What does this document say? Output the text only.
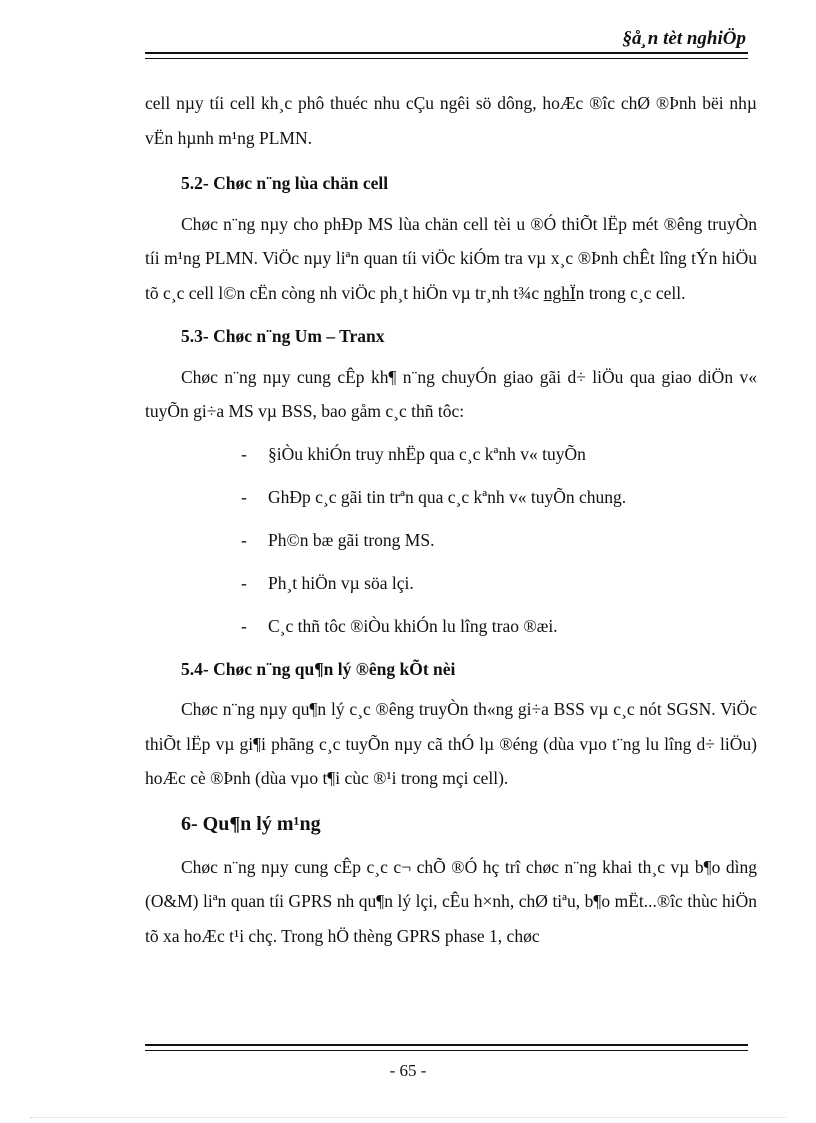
§å¸n tèt nghiÖp

cell nµy tíi cell kh¸c phô thuéc nhu cÇu ngêi sö dông, hoÆc ®îc chØ ®Þnh bëi nhµ vËn hµnh m¹ng PLMN.

5.2- Chøc n¨ng lùa chän cell

Chøc n¨ng nµy cho phÐp MS lùa chän cell tèi u ®Ó thiÕt lËp mét ®êng truyÒn tíi m¹ng PLMN. ViÖc nµy liªn quan tíi viÖc kiÓm tra vµ x¸c ®Þnh chÊt lîng tÝn hiÖu tõ c¸c cell l©n cËn còng nh viÖc ph¸t hiÖn vµ tr¸nh t¾c nghÏn trong c¸c cell.

5.3- Chøc n¨ng Um – Tranx

Chøc n¨ng nµy cung cÊp kh¶ n¨ng chuyÓn giao gãi d÷ liÖu qua giao diÖn v« tuyÕn gi÷a MS vµ BSS, bao gåm c¸c thñ tôc:

- §iÒu khiÓn truy nhËp qua c¸c kªnh v« tuyÕn
- GhÐp c¸c gãi tin trªn qua c¸c kªnh v« tuyÕn chung.
- Ph©n bæ gãi trong MS.
- Ph¸t hiÖn vµ söa lçi.
- C¸c thñ tôc ®iÒu khiÓn lu lîng trao ®æi.

5.4- Chøc n¨ng qu¶n lý ®êng kÕt nèi

Chøc n¨ng nµy qu¶n lý c¸c ®êng truyÒn th«ng gi÷a BSS vµ c¸c nót SGSN. ViÖc thiÕt lËp vµ gi¶i phãng c¸c tuyÕn nµy cã thÓ lµ ®éng (dùa vµo t¨ng lu lîng d÷ liÖu) hoÆc cè ®Þnh (dùa vµo t¶i cùc ®¹i trong mçi cell).

6- Qu¶n lý m¹ng

Chøc n¨ng nµy cung cÊp c¸c c¬ chÕ ®Ó hç trî chøc n¨ng khai th¸c vµ b¶o dìng (O&M) liªn quan tíi GPRS nh qu¶n lý lçi, cÊu h×nh, chØ tiªu, b¶o mËt...®îc thùc hiÖn tõ xa hoÆc t¹i chç. Trong hÖ thèng GPRS phase 1, chøc

- 65 -
